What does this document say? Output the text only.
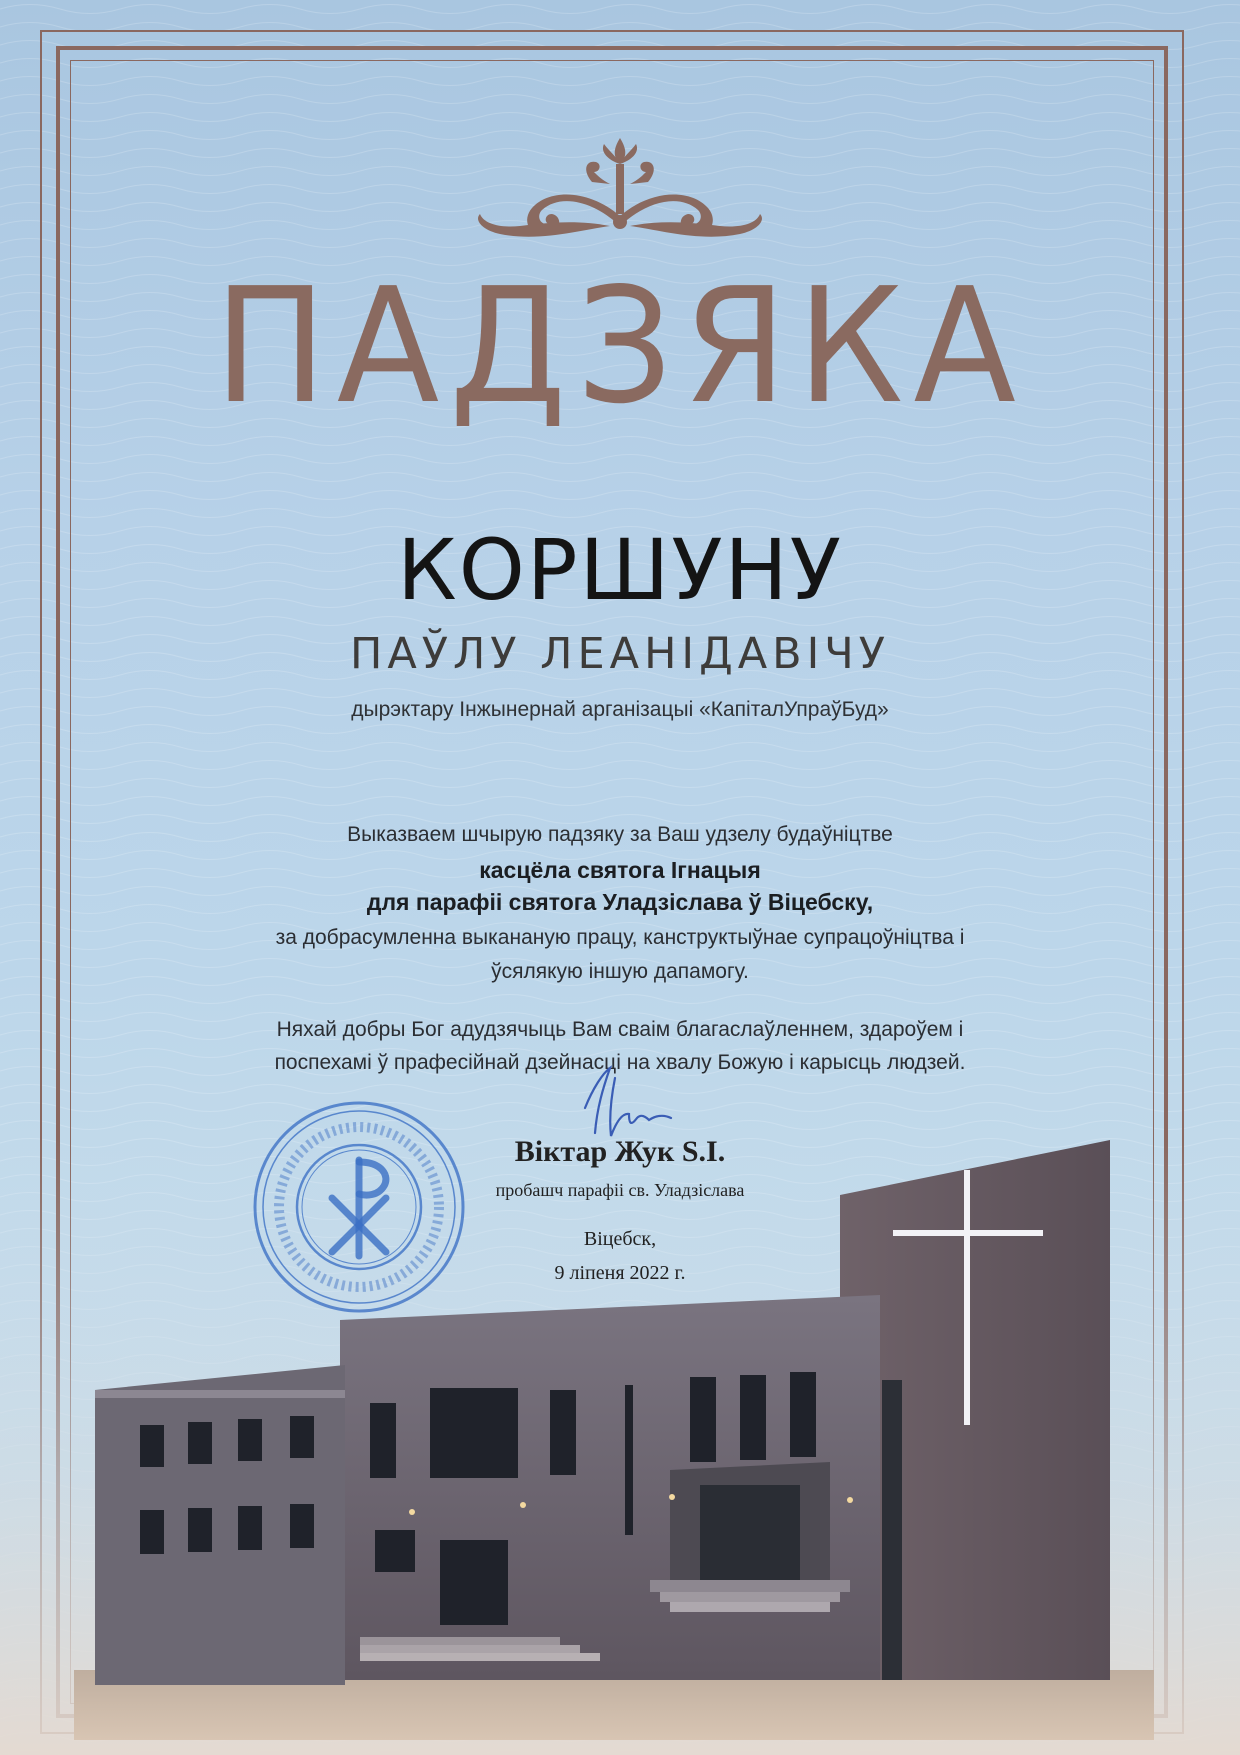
ПАДЗЯКА
КОРШУНУ
ПАЎЛУ ЛЕАНІДАВІЧУ
дырэктару Інжынернай арганізацыі «КапіталУпраўБуд»
Выказваем шчырую падзяку за Ваш удзелу будаўніцтве
касцёла святога Ігнацыя
для парафіі святога Уладзіслава ў Віцебску,
за добрасумленна выкананую працу, канструктыўнае супрацоўніцтва і
ўсялякую іншую дапамогу.
Няхай добры Бог адудзячыць Вам сваім благаслаўленнем, здароўем і
поспехамі ў прафесійнай дзейнасці на хвалу Божую і карысць людзей.
Віктар Жук S.I.
пробашч парафіі св. Уладзіслава
Віцебск,
9 ліпеня 2022 г.
